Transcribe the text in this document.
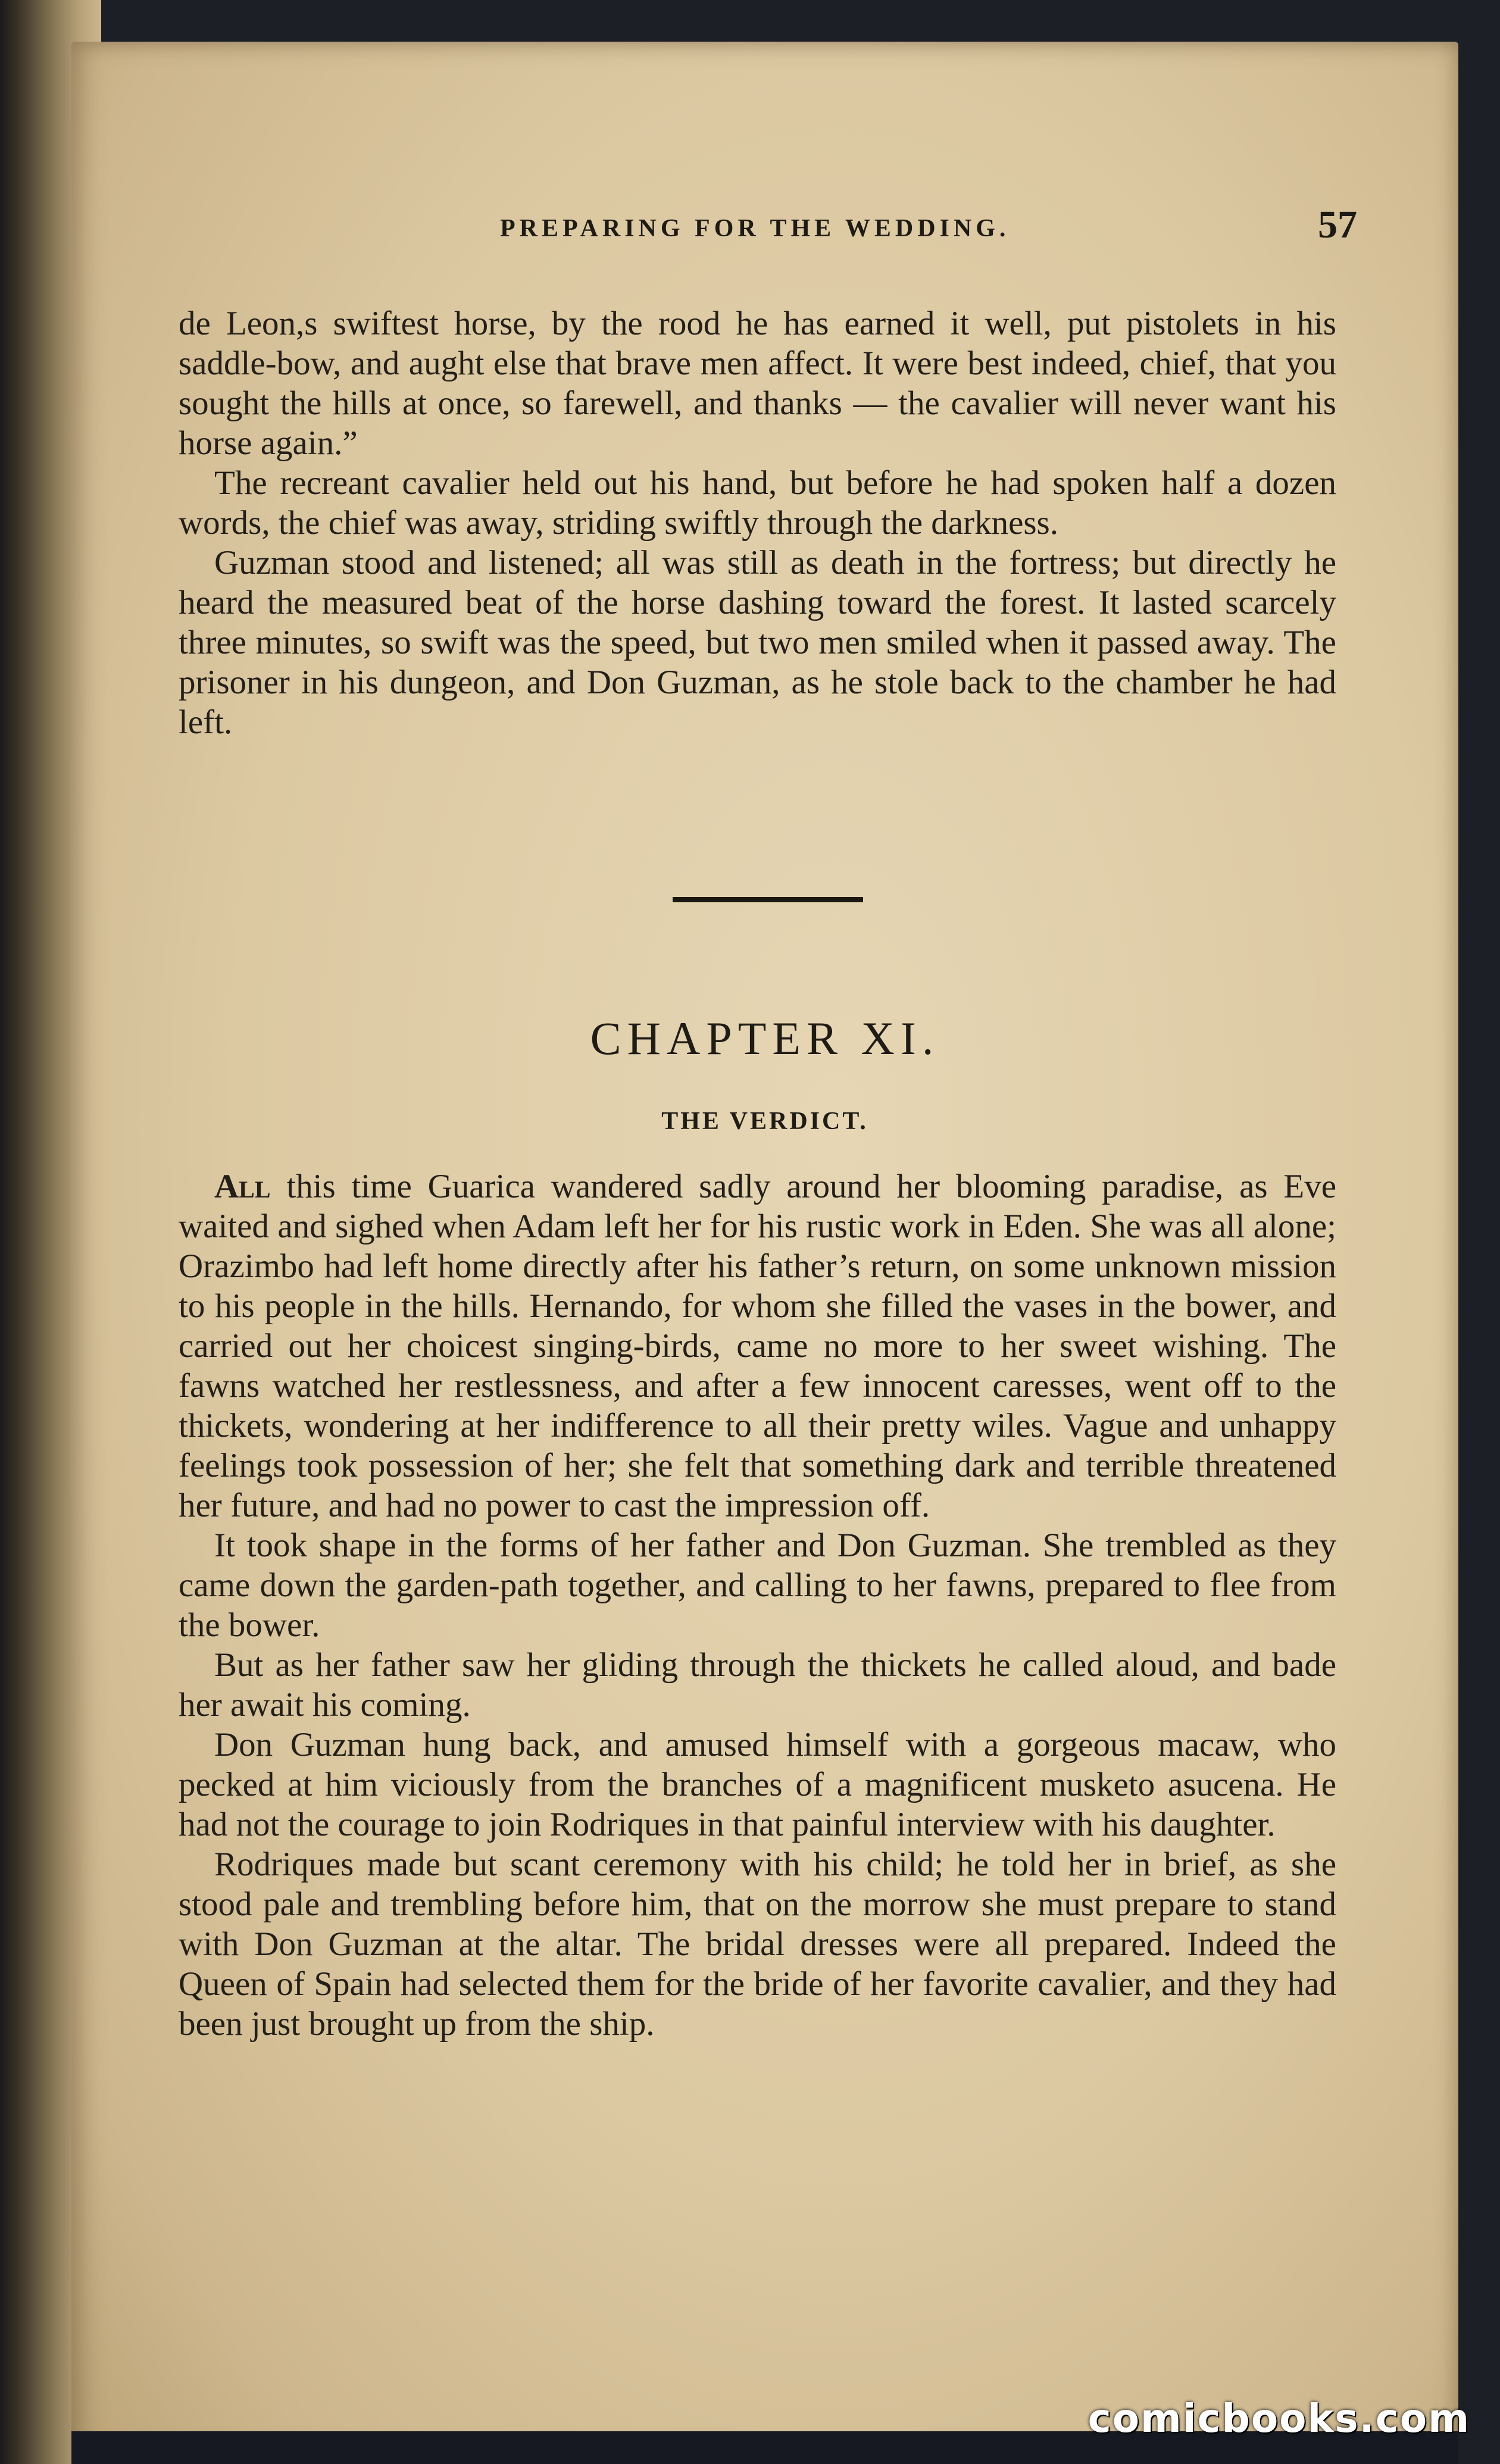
PREPARING FOR THE WEDDING.	57

de Leon,s swiftest horse, by the rood he has earned it well, put pistolets in his saddle-bow, and aught else that brave men affect. It were best indeed, chief, that you sought the hills at once, so farewell, and thanks — the cavalier will never want his horse again.”

The recreant cavalier held out his hand, but before he had spoken half a dozen words, the chief was away, striding swiftly through the darkness.

Guzman stood and listened; all was still as death in the fortress; but directly he heard the measured beat of the horse dashing toward the forest. It lasted scarcely three minutes, so swift was the speed, but two men smiled when it passed away. The prisoner in his dungeon, and Don Guzman, as he stole back to the chamber he had left.

CHAPTER XI.
THE VERDICT.

All this time Guarica wandered sadly around her blooming paradise, as Eve waited and sighed when Adam left her for his rustic work in Eden. She was all alone; Orazimbo had left home directly after his father’s return, on some unknown mission to his people in the hills. Hernando, for whom she filled the vases in the bower, and carried out her choicest singing-birds, came no more to her sweet wishing. The fawns watched her restlessness, and after a few innocent caresses, went off to the thickets, wondering at her indifference to all their pretty wiles. Vague and unhappy feelings took possession of her; she felt that something dark and terrible threatened her future, and had no power to cast the impression off.

It took shape in the forms of her father and Don Guzman. She trembled as they came down the garden-path together, and calling to her fawns, prepared to flee from the bower.

But as her father saw her gliding through the thickets he called aloud, and bade her await his coming.

Don Guzman hung back, and amused himself with a gorgeous macaw, who pecked at him viciously from the branches of a magnificent musketo asucena. He had not the courage to join Rodriques in that painful interview with his daughter.

Rodriques made but scant ceremony with his child; he told her in brief, as she stood pale and trembling before him, that on the morrow she must prepare to stand with Don Guzman at the altar. The bridal dresses were all prepared. Indeed the Queen of Spain had selected them for the bride of her favorite cavalier, and they had been just brought up from the ship.

comicbooks.com
